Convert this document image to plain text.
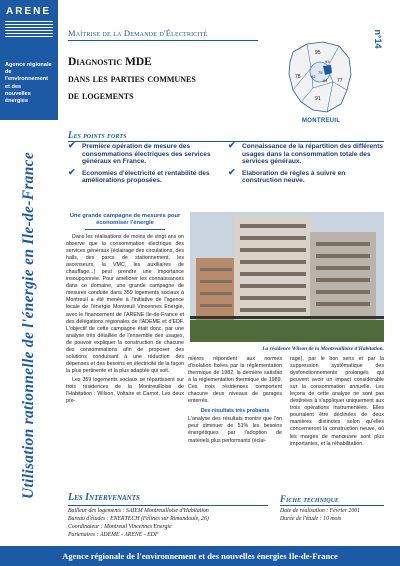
ARENE
Agence régionale
de l'environnement
et des
nouvelles énergies
Ile-de-France
Utilisation rationnelle de l'énergie en Ile-de-France
Maîtrise de la Demande d'Électricité
Diagnostic MDE
dans les parties communes
de logements
n°14
75
92
93
94
78
95
91
77
MONTREUIL
Les points forts
✔ Première opération de mesure des consommations électriques des services généraux en France.
✔ Economies d'électricité et rentabilité des améliorations proposées.
✔ Connaissance de la répartition des différents usages dans la consommation totale des services généraux.
✔ Elaboration de règles à suivre en construction neuve.
Une grande campagne de mesures pour économiser l'énergie

Dans les réalisations de moins de vingt ans on observe que la consommation électrique des services généraux (éclairage des circulations, des halls, des parcs de stationnement, les ascenseurs, la VMC, les auxiliaires de chauffage...) peut prendre une importance insoupçonnée. Pour améliorer les connaissances dans ce domaine, une grande campagne de mesures conduite dans 359 logements sociaux à Montreuil a été menée à l'initiative de l'agence locale de l'énergie Montreuil Vincennes Energie, avec le financement de l'ARENE Ile-de-France et des délégations régionales de l'ADEME et d'EDF. L'objectif de cette campagne était donc, par une analyse très détaillée de l'ensemble des usages, de pouvoir expliquer la construction de chacune des consommations afin de proposer des solutions conduisant à une réduction des dépenses et des besoins en électricité de la façon la plus pertinente et la plus adaptée qui soit.

Les 359 logements sociaux se répartissent sur trois résidences de la Montreuilloise de l'Habitation : Wilson, Voltaire et Carnot. Les deux pre-

La résidence Wilson de la Montreuilloise d'Habitation.

mières répondent aux normes d'isolation fixées par la réglementation thermique de 1982, la dernière satisfait à la réglementation thermique de 1989. Ces trois résidences comportent chacune deux niveaux de garages enterrés.

Des résultats très probants

L'analyse des résultats montre que l'on peut diminuer de 51% les besoins énergétiques par l'adoption de matériels plus performants (éclai-

rage), par le bon sens et par la suppression systématique des dysfonctionnements prolongés qui peuvent avoir un impact considérable sur la consommation annuelle. Les leçons de cette analyse ne sont pas destinées à s'appliquer uniquement aux trois opérations instrumentées. Elles pourraient être déclinées de deux manières distinctes selon qu'elles concerneront la construction neuve, où les marges de manœuvre sont plus importantes, et la réhabilitation.
Les Intervenants
Bailleur des logements : SAIEM Montreuilloise d'Habitation
Bureau d'études : ENERTECH (Félines sur Rimandoule, 26)
Coordinateur : Montreuil Vincennes Energie
Partenaires : ADEME - ARENE - EDF
Fiche technique
Date de réalisation : Février 2001
Durée de l'étude : 10 mois
Agence régionale de l'environnement et des nouvelles énergies Ile-de-France
